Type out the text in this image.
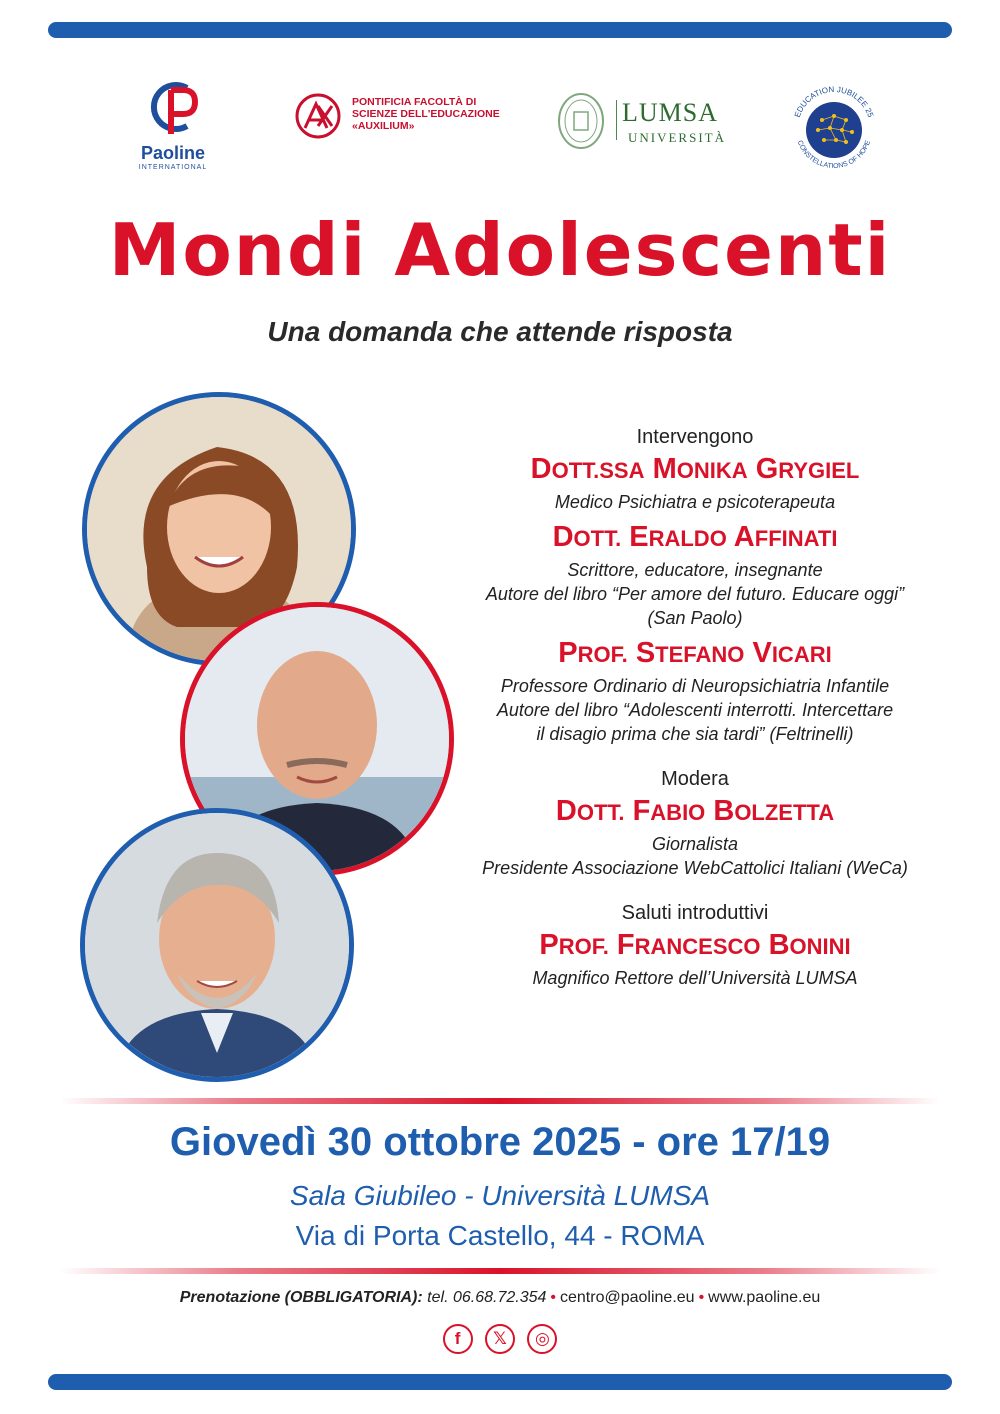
Paoline
INTERNATIONAL
PONTIFICIA FACOLTÀ DI
SCIENZE DELL'EDUCAZIONE
«AUXILIUM»	LUMSA
UNIVERSITÀ
EDUCATION JUBILEE 25
CONSTELLATIONS OF HOPE
Mondi Adolescenti
Una domanda che attende risposta
Intervengono
DOTT.SSA MONIKA GRYGIEL
Medico Psichiatra e psicoterapeuta
DOTT. ERALDO AFFINATI
Scrittore, educatore, insegnante
Autore del libro “Per amore del futuro. Educare oggi”
(San Paolo)
PROF. STEFANO VICARI
Professore Ordinario di Neuropsichiatria Infantile
Autore del libro “Adolescenti interrotti. Intercettare
il disagio prima che sia tardi” (Feltrinelli)
Modera
DOTT. FABIO BOLZETTA
Giornalista
Presidente Associazione WebCattolici Italiani (WeCa)
Saluti introduttivi
PROF. FRANCESCO BONINI
Magnifico Rettore dell’Università LUMSA
Giovedì 30 ottobre 2025 - ore 17/19
Sala Giubileo - Università LUMSA
Via di Porta Castello, 44 - ROMA
Prenotazione (OBBLIGATORIA): tel. 06.68.72.354 • centro@paoline.eu • www.paoline.eu
f 𝕏 ◎
